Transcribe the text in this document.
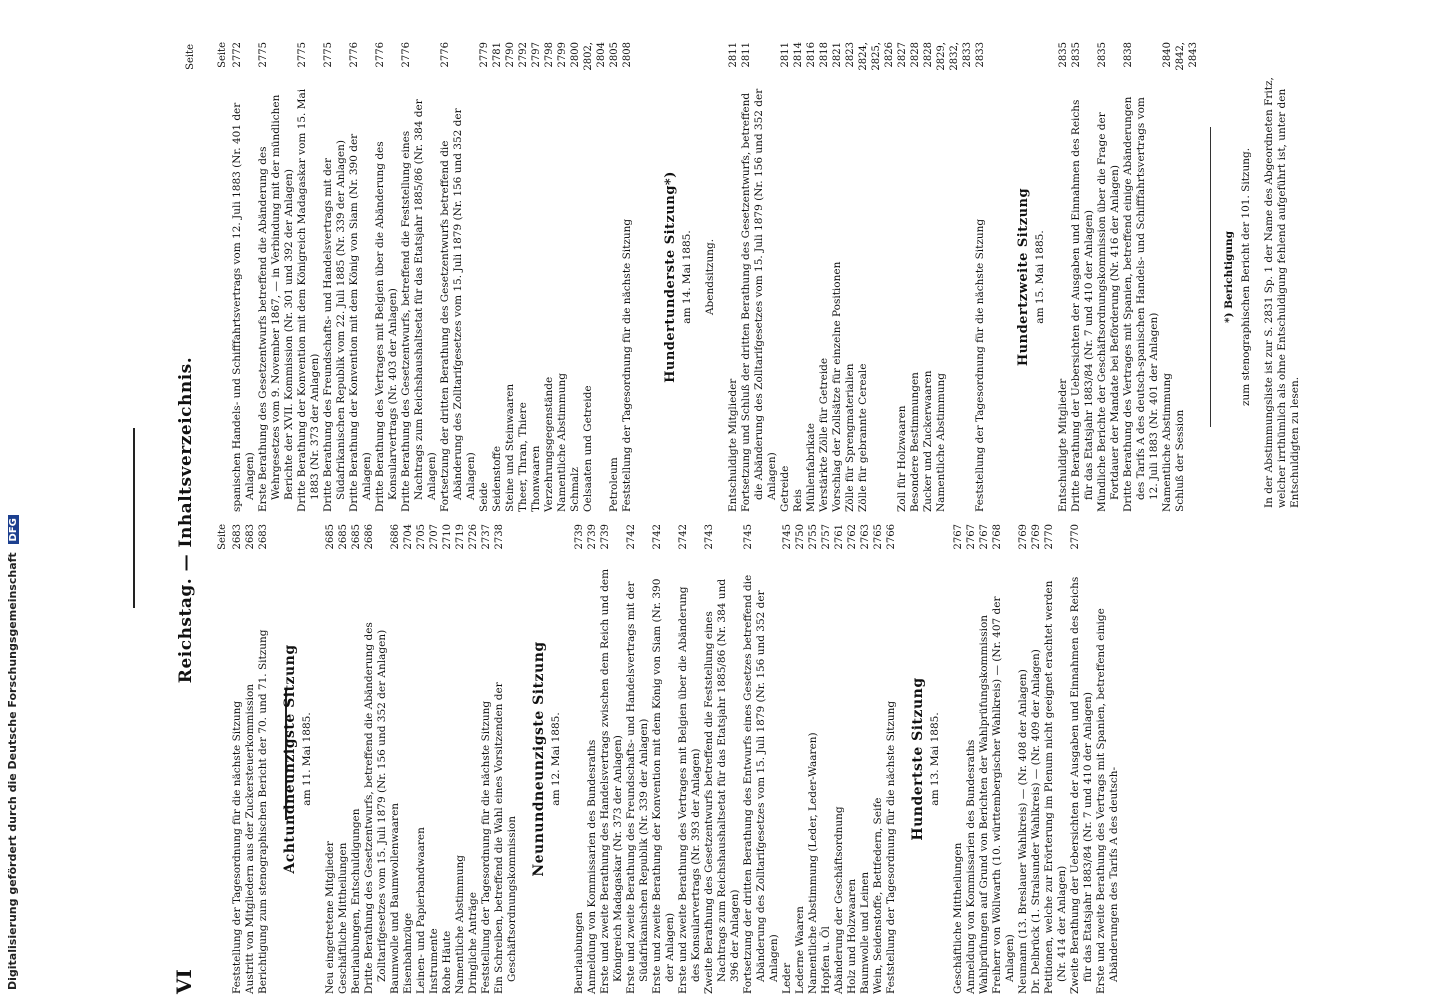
Digitalisierung gefördert durch die Deutsche Forschungsgemeinschaft DFG
VI
Reichstag. — Inhaltsverzeichnis.
Seite
Seite
Feststellung der Tagesordnung für die nächste Sitzung
2683
Austritt von Mitgliedern aus der Zuckersteuerkommission
2683
Berichtigung zum stenographischen Bericht der 70. und 71. Sitzung
2683
Achtundneunzigste Sitzung am 11. Mai 1885.
Neu eingetretene Mitglieder
2685
Geschäftliche Mittheilungen
2685
Beurlaubungen, Entschuldigungen
2685
Dritte Berathung des Gesetzentwurfs, betreffend die Abänderung des Zolltarifgesetzes vom 15. Juli 1879 (Nr. 156 und 352 der Anlagen)
2686
Baumwolle und Baumwollenwaaren
2686
Eisenbahnzüge
2704
Leinen- und Papierbandwaaren
2705
Instrumente
2707
Rohe Häute
2710
Namentliche Abstimmung
2719
Dringliche Anträge
2726
Feststellung der Tagesordnung für die nächste Sitzung
2737
Ein Schreiben, betreffend die Wahl eines Vorsitzenden der Geschäftsordnungskommission
2738
Neunundneunzigste Sitzung am 12. Mai 1885.
Beurlaubungen
2739
Anmeldung von Kommissarien des Bundesraths
2739
Erste und zweite Berathung des Handelsvertrags zwischen dem Reich und dem Königreich Madagaskar (Nr. 373 der Anlagen)
2739
Erste und zweite Berathung des Freundschafts- und Handelsvertrags mit der Südafrikanischen Republik (Nr. 339 der Anlagen)
2742
Erste und zweite Berathung der Konvention mit dem König von Siam (Nr. 390 der Anlagen)
2742
Erste und zweite Berathung des Vertrages mit Belgien über die Abänderung des Konsularvertrags (Nr. 393 der Anlagen)
2742
Zweite Berathung des Gesetzentwurfs betreffend die Feststellung eines Nachtrags zum Reichshaushaltsetat für das Etatsjahr 1885/86 (Nr. 384 und 396 der Anlagen)
2743
Fortsetzung der dritten Berathung des Entwurfs eines Gesetzes betreffend die Abänderung des Zolltarifgesetzes vom 15. Juli 1879 (Nr. 156 und 352 der Anlagen)
2745
Leder
2745
Lederne Waaren
2750
Namentliche Abstimmung (Leder, Leder-Waaren)
2755
Hopfen u. Öl
2757
Abänderung der Geschäftsordnung
2761
Holz und Holzwaaren
2762
Baumwolle und Leinen
2763
Wein, Seidenstoffe, Bettfedern, Seife
2765
Feststellung der Tagesordnung für die nächste Sitzung
2766
Hundertste Sitzung am 13. Mai 1885.
Geschäftliche Mittheilungen
2767
Anmeldung von Kommissarien des Bundesraths
2767
Wahlprüfungen auf Grund von Berichten der Wahlprüfungskommission
2767
Freiherr von Wöllwarth (10. württembergischer Wahlkreis) — (Nr. 407 der Anlagen)
2768
Neumann (13. Breslauer Wahlkreis) — (Nr. 408 der Anlagen)
2769
Dr. Delbrück (1. Stralsunder Wahlkreis) — (Nr. 409 der Anlagen)
2769
Petitionen, welche zur Erörterung im Plenum nicht geeignet erachtet werden (Nr. 414 der Anlagen)
2770
Zweite Berathung der Uebersichten der Ausgaben und Einnahmen des Reichs für das Etatsjahr 1883/84 (Nr. 7 und 410 der Anlagen)
2770
Erste und zweite Berathung des Vertrags mit Spanien, betreffend einige Abänderungen des Tarifs A des deutsch-
Seite
spanischen Handels- und Schifffahrtsvertrags vom 12. Juli 1883 (Nr. 401 der Anlagen)
2772
Erste Berathung des Gesetzentwurfs betreffend die Abänderung des Wehrgesetzes vom 9. November 1867, — in Verbindung mit der mündlichen Berichte der XVII. Kommission (Nr. 301 und 392 der Anlagen)
2775
Dritte Berathung der Konvention mit dem Königreich Madagaskar vom 15. Mai 1883 (Nr. 373 der Anlagen)
2775
Dritte Berathung des Freundschafts- und Handelsvertrags mit der Südafrikanischen Republik vom 22. Juli 1885 (Nr. 339 der Anlagen)
2775
Dritte Berathung der Konvention mit dem König von Siam (Nr. 390 der Anlagen)
2776
Dritte Berathung des Vertrages mit Belgien über die Abänderung des Konsularvertrags (Nr. 403 der Anlagen)
2776
Dritte Berathung des Gesetzentwurfs, betreffend die Feststellung eines Nachtrags zum Reichshaushaltsetat für das Etatsjahr 1885/86 (Nr. 384 der Anlagen)
2776
Fortsetzung der dritten Berathung des Gesetzentwurfs betreffend die Abänderung des Zolltarifgesetzes vom 15. Juli 1879 (Nr. 156 und 352 der Anlagen)
2776
Seide
2779
Seidenstoffe
2781
Steine und Steinwaaren
2790
Theer, Thran, Thiere
2792
Thonwaaren
2797
Verzehrungsgegenstände
2798
Namentliche Abstimmung
2799
Schmalz
2800
Oelsaaten und Getreide
2802, 2804
Petroleum
2805
Feststellung der Tagesordnung für die nächste Sitzung
2808
Hundertunderste Sitzung*) am 14. Mai 1885. Abendsitzung.
Entschuldigte Mitglieder
2811
Fortsetzung und Schluß der dritten Berathung des Gesetzentwurfs, betreffend die Abänderung des Zolltarifgesetzes vom 15. Juli 1879 (Nr. 156 und 352 der Anlagen)
2811
Getreide
2811
Reis
2814
Mühlenfabrikate
2816
Verstärkte Zölle für Getreide
2818
Vorschlag der Zollsätze für einzelne Positionen
2821
Zölle für Sprengmaterialien
2823
Zölle für gebrannte Cereale
2824, 2825, 2826
Zoll für Holzwaaren
2827
Besondere Bestimmungen
2828
Zucker und Zuckerwaaren
2828
Namentliche Abstimmung
2829, 2832, 2833
Feststellung der Tagesordnung für die nächste Sitzung
2833
Hundertzweite Sitzung am 15. Mai 1885.
Entschuldigte Mitglieder
2835
Dritte Berathung der Uebersichten der Ausgaben und Einnahmen des Reichs für das Etatsjahr 1883/84 (Nr. 7 und 410 der Anlagen)
2835
Mündliche Berichte der Geschäftsordnungskommission über die Frage der Fortdauer der Mandate bei Beförderung (Nr. 416 der Anlagen)
2835
Dritte Berathung des Vertrages mit Spanien, betreffend einige Abänderungen des Tarifs A des deutsch-spanischen Handels- und Schifffahrtsvertrags vom 12. Juli 1883 (Nr. 401 der Anlagen)
2838
Namentliche Abstimmung
2840
Schluß der Session
2842, 2843
*) Berichtigung zum stenographischen Bericht der 101. Sitzung. In der Abstimmungsliste ist zur S. 2831 Sp. 1 der Name des Abgeordneten Fritz, welcher irrthümlich als ohne Entschuldigung fehlend aufgeführt ist, unter den Entschuldigten zu lesen.
